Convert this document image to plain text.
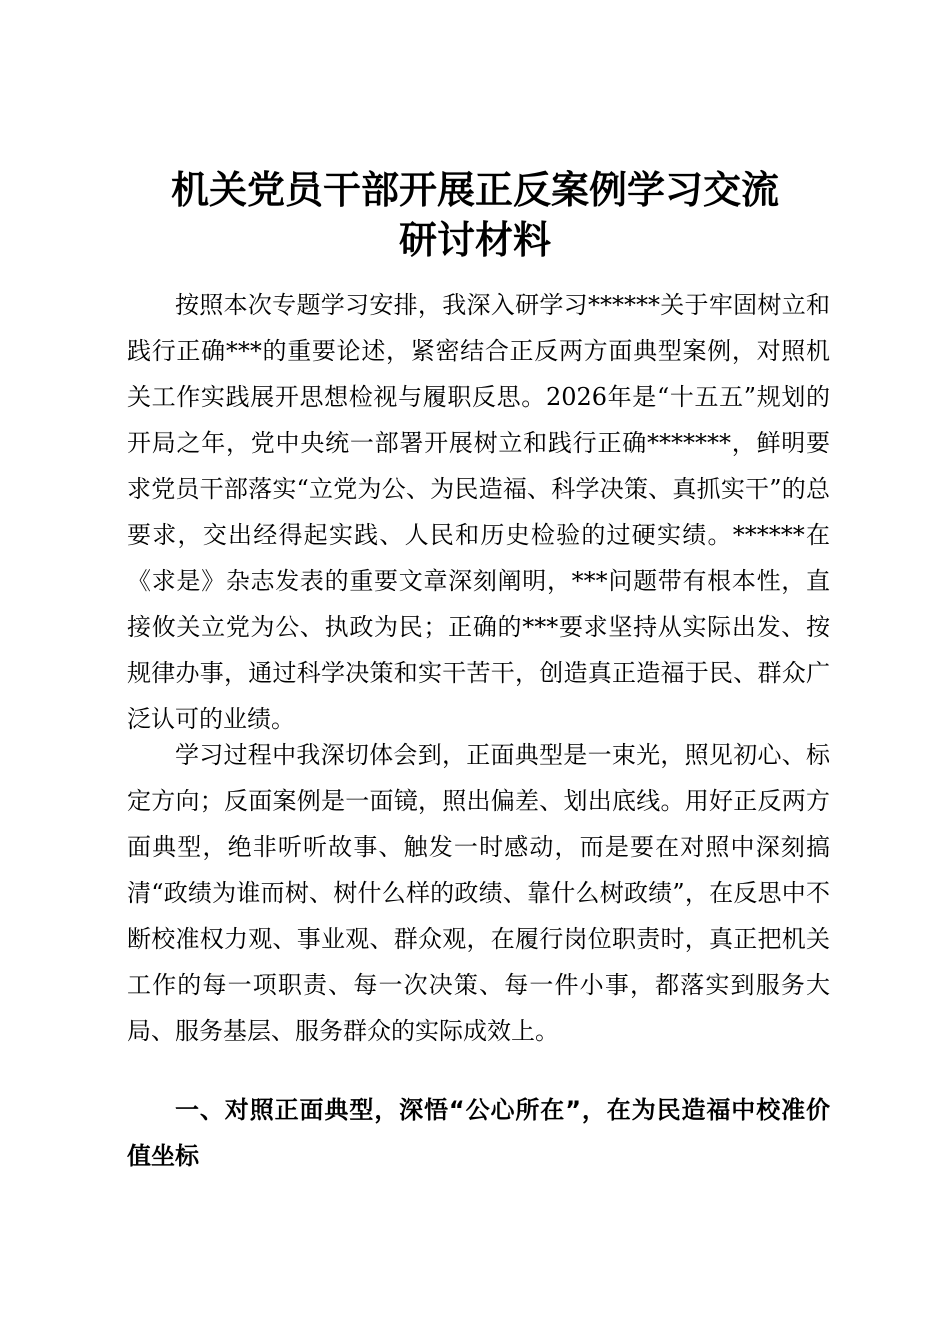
机关党员干部开展正反案例学习交流
研讨材料

按照本次专题学习安排，我深入研学习******关于牢固树立和践行正确***的重要论述，紧密结合正反两方面典型案例，对照机关工作实践展开思想检视与履职反思。2026年是“十五五”规划的开局之年，党中央统一部署开展树立和践行正确*******，鲜明要求党员干部落实“立党为公、为民造福、科学决策、真抓实干”的总要求，交出经得起实践、人民和历史检验的过硬实绩。******在《求是》杂志发表的重要文章深刻阐明，***问题带有根本性，直接攸关立党为公、执政为民；正确的***要求坚持从实际出发、按规律办事，通过科学决策和实干苦干，创造真正造福于民、群众广泛认可的业绩。

学习过程中我深切体会到，正面典型是一束光，照见初心、标定方向；反面案例是一面镜，照出偏差、划出底线。用好正反两方面典型，绝非听听故事、触发一时感动，而是要在对照中深刻搞清“政绩为谁而树、树什么样的政绩、靠什么树政绩”，在反思中不断校准权力观、事业观、群众观，在履行岗位职责时，真正把机关工作的每一项职责、每一次决策、每一件小事，都落实到服务大局、服务基层、服务群众的实际成效上。

一、对照正面典型，深悟“公心所在”，在为民造福中校准价值坐标
